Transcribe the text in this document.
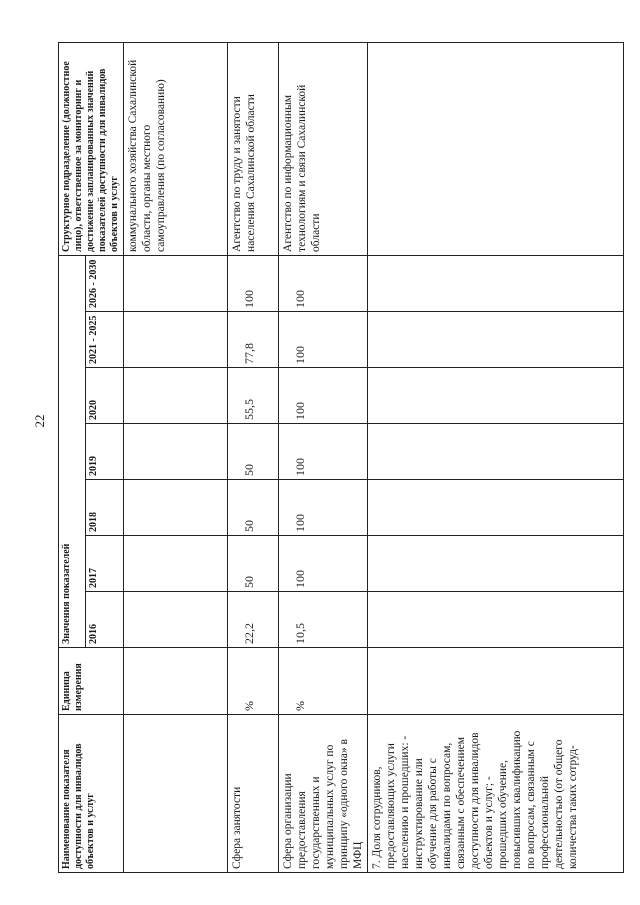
22
Наименование показателя доступности для инвалидов объектов и услуг	Единица измерения	Значения показателей							Структурное подразделение (должностное лицо), ответственное за мониторинг и достижение запланированных значений показателей доступности для инвалидов объектов и услуг
		2016	2017	2018	2019	2020	2021 - 2025	2026 - 2030	
									коммунального хозяйства Сахалинской области, органы местного самоуправления (по согласованию)
Сфера занятости	%	22,2	50	50	50	55,5	77,8	100	Агентство по труду и занятости населения Сахалинской области
Сфера организации предоставления государственных и муниципальных услуг по принципу «одного окна» в МФЦ	%	10,5	100	100	100	100	100	100	Агентство по информационным технологиям и связи Сахалинской области
7. Доля сотрудников, предоставляющих услуги населению и прошедших: - инструктирование или обучение для работы с инвалидами по вопросам, связанным с обеспечением доступности для инвалидов объектов и услуг; - прошедших обучение, повысивших квалификацию по вопросам, связанным с профессиональной деятельностью (от общего количества таких сотруд-									
